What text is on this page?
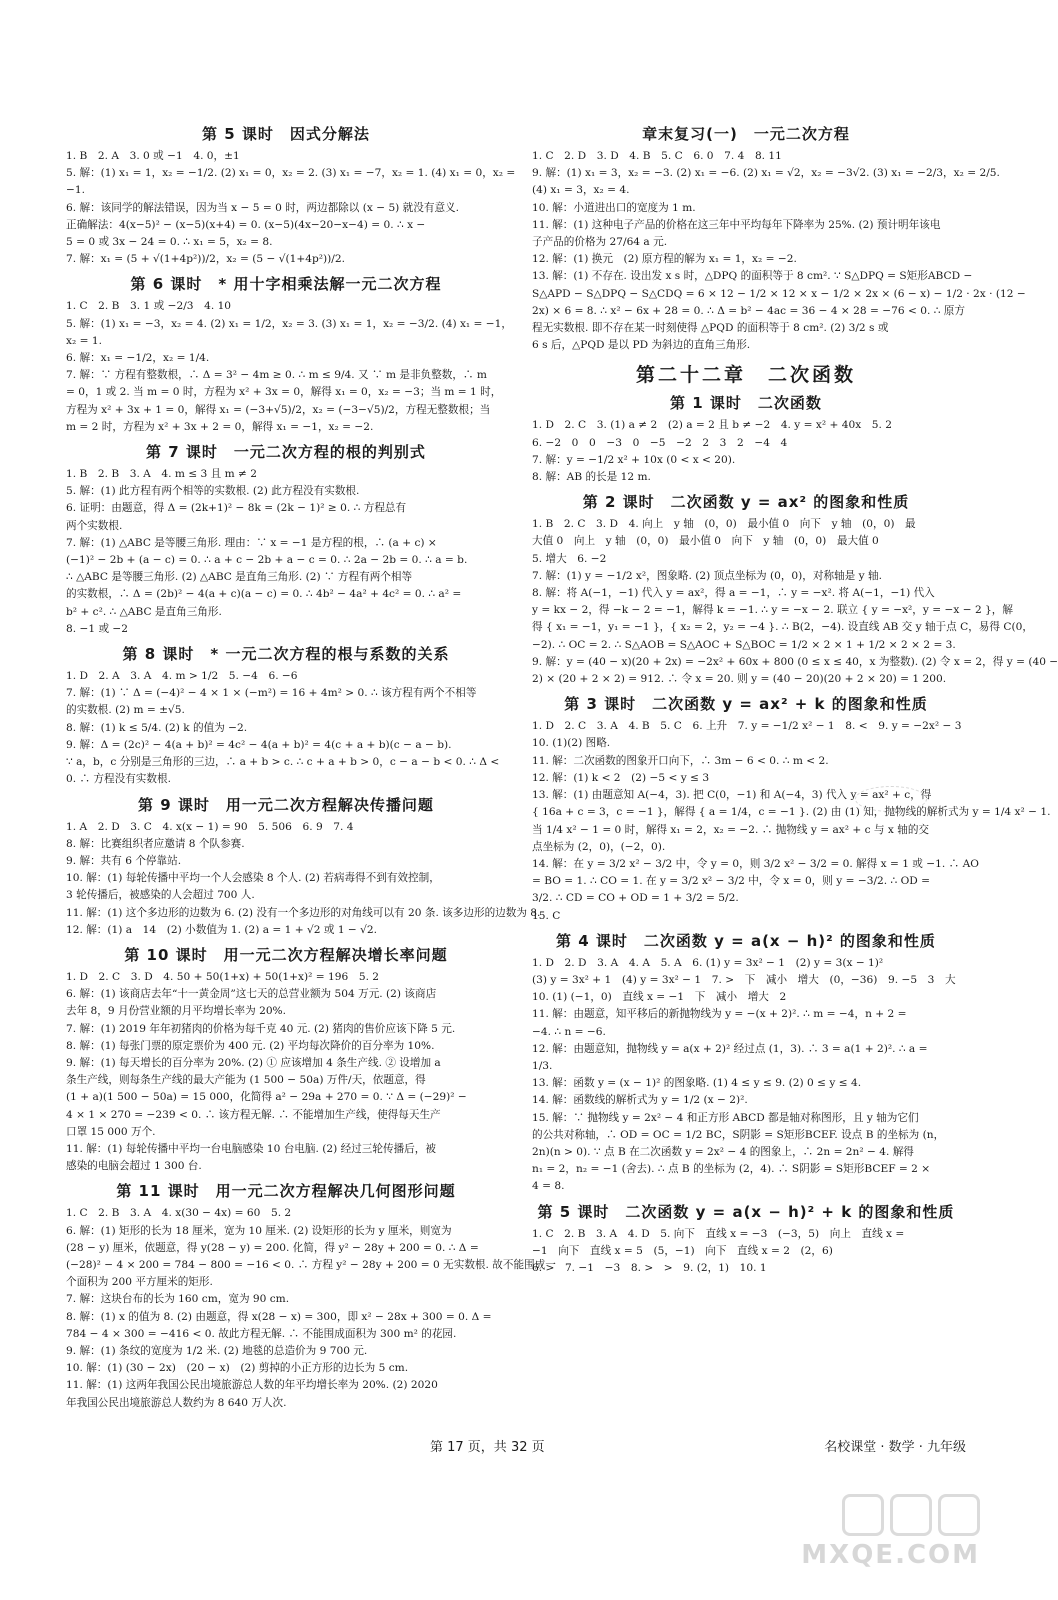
第 5 课时　因式分解法
1. B　2. A　3. 0 或 −1　4. 0，±1
5. 解：(1) x₁ = 1，x₂ = −1/2. (2) x₁ = 0，x₂ = 2. (3) x₁ = −7，x₂ = 1. (4) x₁ = 0，x₂ =
−1.
6. 解：该同学的解法错误，因为当 x − 5 = 0 时，两边都除以 (x − 5) 就没有意义.
正确解法：4(x−5)² − (x−5)(x+4) = 0. (x−5)(4x−20−x−4) = 0. ∴ x −
5 = 0 或 3x − 24 = 0. ∴ x₁ = 5，x₂ = 8.
7. 解：x₁ = (5 + √(1+4p²))/2，x₂ = (5 − √(1+4p²))/2.
第 6 课时　* 用十字相乘法解一元二次方程
1. C　2. B　3. 1 或 −2/3　4. 10
5. 解：(1) x₁ = −3，x₂ = 4. (2) x₁ = 1/2，x₂ = 3. (3) x₁ = 1，x₂ = −3/2. (4) x₁ = −1，
x₂ = 1.
6. 解：x₁ = −1/2，x₂ = 1/4.
7. 解：∵ 方程有整数根，∴ Δ = 3² − 4m ≥ 0. ∴ m ≤ 9/4. 又 ∵ m 是非负整数，∴ m
= 0，1 或 2. 当 m = 0 时，方程为 x² + 3x = 0，解得 x₁ = 0，x₂ = −3；当 m = 1 时，
方程为 x² + 3x + 1 = 0，解得 x₁ = (−3+√5)/2，x₂ = (−3−√5)/2，方程无整数根；当
m = 2 时，方程为 x² + 3x + 2 = 0，解得 x₁ = −1，x₂ = −2.
第 7 课时　一元二次方程的根的判别式
1. B　2. B　3. A　4. m ≤ 3 且 m ≠ 2
5. 解：(1) 此方程有两个相等的实数根. (2) 此方程没有实数根.
6. 证明：由题意，得 Δ = (2k+1)² − 8k = (2k − 1)² ≥ 0. ∴ 方程总有
两个实数根.
7. 解：(1) △ABC 是等腰三角形. 理由：∵ x = −1 是方程的根，∴ (a + c) ×
(−1)² − 2b + (a − c) = 0. ∴ a + c − 2b + a − c = 0. ∴ 2a − 2b = 0. ∴ a = b.
∴ △ABC 是等腰三角形. (2) △ABC 是直角三角形. (2) ∵ 方程有两个相等
的实数根，∴ Δ = (2b)² − 4(a + c)(a − c) = 0. ∴ 4b² − 4a² + 4c² = 0. ∴ a² =
b² + c². ∴ △ABC 是直角三角形.
8. −1 或 −2
第 8 课时　* 一元二次方程的根与系数的关系
1. D　2. A　3. A　4. m > 1/2　5. −4　6. −6
7. 解：(1) ∵ Δ = (−4)² − 4 × 1 × (−m²) = 16 + 4m² > 0. ∴ 该方程有两个不相等
的实数根. (2) m = ±√5.
8. 解：(1) k ≤ 5/4. (2) k 的值为 −2.
9. 解：Δ = (2c)² − 4(a + b)² = 4c² − 4(a + b)² = 4(c + a + b)(c − a − b).
∵ a，b，c 分别是三角形的三边，∴ a + b > c. ∴ c + a + b > 0，c − a − b < 0. ∴ Δ <
0. ∴ 方程没有实数根.
第 9 课时　用一元二次方程解决传播问题
1. A　2. D　3. C　4. x(x − 1) = 90　5. 506　6. 9　7. 4
8. 解：比赛组织者应邀请 8 个队参赛.
9. 解：共有 6 个停靠站.
10. 解：(1) 每轮传播中平均一个人会感染 8 个人. (2) 若病毒得不到有效控制，
3 轮传播后，被感染的人会超过 700 人.
11. 解：(1) 这个多边形的边数为 6. (2) 没有一个多边形的对角线可以有 20 条. 该多边形的边数为 8.
12. 解：(1) a　14　(2) 小数值为 1. (2) a = 1 + √2 或 1 − √2.
第 10 课时　用一元二次方程解决增长率问题
1. D　2. C　3. D　4. 50 + 50(1+x) + 50(1+x)² = 196　5. 2
6. 解：(1) 该商店去年“十一黄金周”这七天的总营业额为 504 万元. (2) 该商店
去年 8，9 月份营业额的月平均增长率为 20%.
7. 解：(1) 2019 年年初猪肉的价格为每千克 40 元. (2) 猪肉的售价应该下降 5 元.
8. 解：(1) 每张门票的原定票价为 400 元. (2) 平均每次降价的百分率为 10%.
9. 解：(1) 每天增长的百分率为 20%. (2) ① 应该增加 4 条生产线. ② 设增加 a
条生产线，则每条生产线的最大产能为 (1 500 − 50a) 万件/天，依题意，得
(1 + a)(1 500 − 50a) = 15 000，化简得 a² − 29a + 270 = 0. ∵ Δ = (−29)² −
4 × 1 × 270 = −239 < 0. ∴ 该方程无解. ∴ 不能增加生产线，使得每天生产
口罩 15 000 万个.
11. 解：(1) 每轮传播中平均一台电脑感染 10 台电脑. (2) 经过三轮传播后，被
感染的电脑会超过 1 300 台.
第 11 课时　用一元二次方程解决几何图形问题
1. C　2. B　3. A　4. x(30 − 4x) = 60　5. 2
6. 解：(1) 矩形的长为 18 厘米，宽为 10 厘米. (2) 设矩形的长为 y 厘米，则宽为
(28 − y) 厘米，依题意，得 y(28 − y) = 200. 化简，得 y² − 28y + 200 = 0. ∴ Δ =
(−28)² − 4 × 200 = 784 − 800 = −16 < 0. ∴ 方程 y² − 28y + 200 = 0 无实数根. 故不能围成一
个面积为 200 平方厘米的矩形.
7. 解：这块台布的长为 160 cm，宽为 90 cm.
8. 解：(1) x 的值为 8. (2) 由题意，得 x(28 − x) = 300，即 x² − 28x + 300 = 0. Δ =
784 − 4 × 300 = −416 < 0. 故此方程无解. ∴ 不能围成面积为 300 m² 的花园.
9. 解：(1) 条纹的宽度为 1/2 米. (2) 地毯的总造价为 9 700 元.
10. 解：(1) (30 − 2x)　(20 − x)　(2) 剪掉的小正方形的边长为 5 cm.
11. 解：(1) 这两年我国公民出境旅游总人数的年平均增长率为 20%. (2) 2020
年我国公民出境旅游总人数约为 8 640 万人次.
章末复习(一)　一元二次方程
1. C　2. D　3. D　4. B　5. C　6. 0　7. 4　8. 11
9. 解：(1) x₁ = 3，x₂ = −3. (2) x₁ = −6. (2) x₁ = √2，x₂ = −3√2. (3) x₁ = −2/3，x₂ = 2/5.
(4) x₁ = 3，x₂ = 4.
10. 解：小道进出口的宽度为 1 m.
11. 解：(1) 这种电子产品的价格在这三年中平均每年下降率为 25%. (2) 预计明年该电
子产品的价格为 27/64 a 元.
12. 解：(1) 换元　(2) 原方程的解为 x₁ = 1，x₂ = −2.
13. 解：(1) 不存在. 设出发 x s 时，△DPQ 的面积等于 8 cm². ∵ S△DPQ = S矩形ABCD −
S△APD − S△DPQ − S△CDQ = 6 × 12 − 1/2 × 12 × x − 1/2 × 2x × (6 − x) − 1/2 · 2x · (12 −
2x) × 6 = 8. ∴ x² − 6x + 28 = 0. ∴ Δ = b² − 4ac = 36 − 4 × 28 = −76 < 0. ∴ 原方
程无实数根. 即不存在某一时刻使得 △PQD 的面积等于 8 cm². (2) 3/2 s 或
6 s 后，△PQD 是以 PD 为斜边的直角三角形.
第二十二章　二次函数
第 1 课时　二次函数
1. D　2. C　3. (1) a ≠ 2　(2) a = 2 且 b ≠ −2　4. y = x² + 40x　5. 2
6. −2　0　0　−3　0　−5　−2　2　3　2　−4　4
7. 解：y = −1/2 x² + 10x (0 < x < 20).
8. 解：AB 的长是 12 m.
第 2 课时　二次函数 y = ax² 的图象和性质
1. B　2. C　3. D　4. 向上　y 轴　(0，0)　最小值 0　向下　y 轴　(0，0)　最
大值 0　向上　y 轴　(0，0)　最小值 0　向下　y 轴　(0，0)　最大值 0
5. 增大　6. −2
7. 解：(1) y = −1/2 x²，图象略. (2) 顶点坐标为 (0，0)，对称轴是 y 轴.
8. 解：将 A(−1，−1) 代入 y = ax²，得 a = −1，∴ y = −x². 将 A(−1，−1) 代入
y = kx − 2，得 −k − 2 = −1，解得 k = −1. ∴ y = −x − 2. 联立 { y = −x²，y = −x − 2 }，解
得 { x₁ = −1，y₁ = −1 }，{ x₂ = 2，y₂ = −4 }. ∴ B(2，−4). 设直线 AB 交 y 轴于点 C，易得 C(0，
−2). ∴ OC = 2. ∴ S△AOB = S△AOC + S△BOC = 1/2 × 2 × 1 + 1/2 × 2 × 2 = 3.
9. 解：y = (40 − x)(20 + 2x) = −2x² + 60x + 800 (0 ≤ x ≤ 40，x 为整数). (2) 令 x = 2，得 y = (40 −
2) × (20 + 2 × 2) = 912. ∴ 令 x = 20. 则 y = (40 − 20)(20 + 2 × 20) = 1 200.
第 3 课时　二次函数 y = ax² + k 的图象和性质
1. D　2. C　3. A　4. B　5. C　6. 上升　7. y = −1/2 x² − 1　8. <　9. y = −2x² − 3
10. (1)(2) 图略.
11. 解：二次函数的图象开口向下，∴ 3m − 6 < 0. ∴ m < 2.
12. 解：(1) k < 2　(2) −5 < y ≤ 3
13. 解：(1) 由题意知 A(−4，3). 把 C(0，−1) 和 A(−4，3) 代入 y = ax² + c，得
{ 16a + c = 3，c = −1 }，解得 { a = 1/4，c = −1 }. (2) 由 (1) 知，抛物线的解析式为 y = 1/4 x² − 1.
当 1/4 x² − 1 = 0 时，解得 x₁ = 2，x₂ = −2. ∴ 抛物线 y = ax² + c 与 x 轴的交
点坐标为 (2，0)，(−2，0).
14. 解：在 y = 3/2 x² − 3/2 中，令 y = 0，则 3/2 x² − 3/2 = 0. 解得 x = 1 或 −1. ∴ AO
= BO = 1. ∴ CO = 1. 在 y = 3/2 x² − 3/2 中，令 x = 0，则 y = −3/2. ∴ OD =
3/2. ∴ CD = CO + OD = 1 + 3/2 = 5/2.
15. C
第 4 课时　二次函数 y = a(x − h)² 的图象和性质
1. D　2. D　3. A　4. A　5. A　6. (1) y = 3x² − 1　(2) y = 3(x − 1)²
(3) y = 3x² + 1　(4) y = 3x² − 1　7. >　下　减小　增大　(0，−36)　9. −5　3　大
10. (1) (−1，0)　直线 x = −1　下　减小　增大　2
11. 解：由题意，知平移后的新抛物线为 y = −(x + 2)². ∴ m = −4，n + 2 =
−4. ∴ n = −6.
12. 解：由题意知，抛物线 y = a(x + 2)² 经过点 (1，3). ∴ 3 = a(1 + 2)². ∴ a =
1/3.
13. 解：函数 y = (x − 1)² 的图象略. (1) 4 ≤ y ≤ 9. (2) 0 ≤ y ≤ 4.
14. 解：函数线的解析式为 y = 1/2 (x − 2)².
15. 解：∵ 抛物线 y = 2x² − 4 和正方形 ABCD 都是轴对称图形，且 y 轴为它们
的公共对称轴，∴ OD = OC = 1/2 BC，S阴影 = S矩形BCEF. 设点 B 的坐标为 (n，
2n)(n > 0). ∵ 点 B 在二次函数 y = 2x² − 4 的图象上，∴ 2n = 2n² − 4. 解得
n₁ = 2，n₂ = −1 (舍去). ∴ 点 B 的坐标为 (2，4). ∴ S阴影 = S矩形BCEF = 2 ×
4 = 8.
第 5 课时　二次函数 y = a(x − h)² + k 的图象和性质
1. C　2. B　3. A　4. D　5. 向下　直线 x = −3　(−3，5)　向上　直线 x =
−1　向下　直线 x = 5　(5，−1)　向下　直线 x = 2　(2，6)
6. >　7. −1　−3　8. >　>　9. (2，1)　10. 1
第 17 页，共 32 页	名校课堂 · 数学 · 九年级
MXQE.COM
